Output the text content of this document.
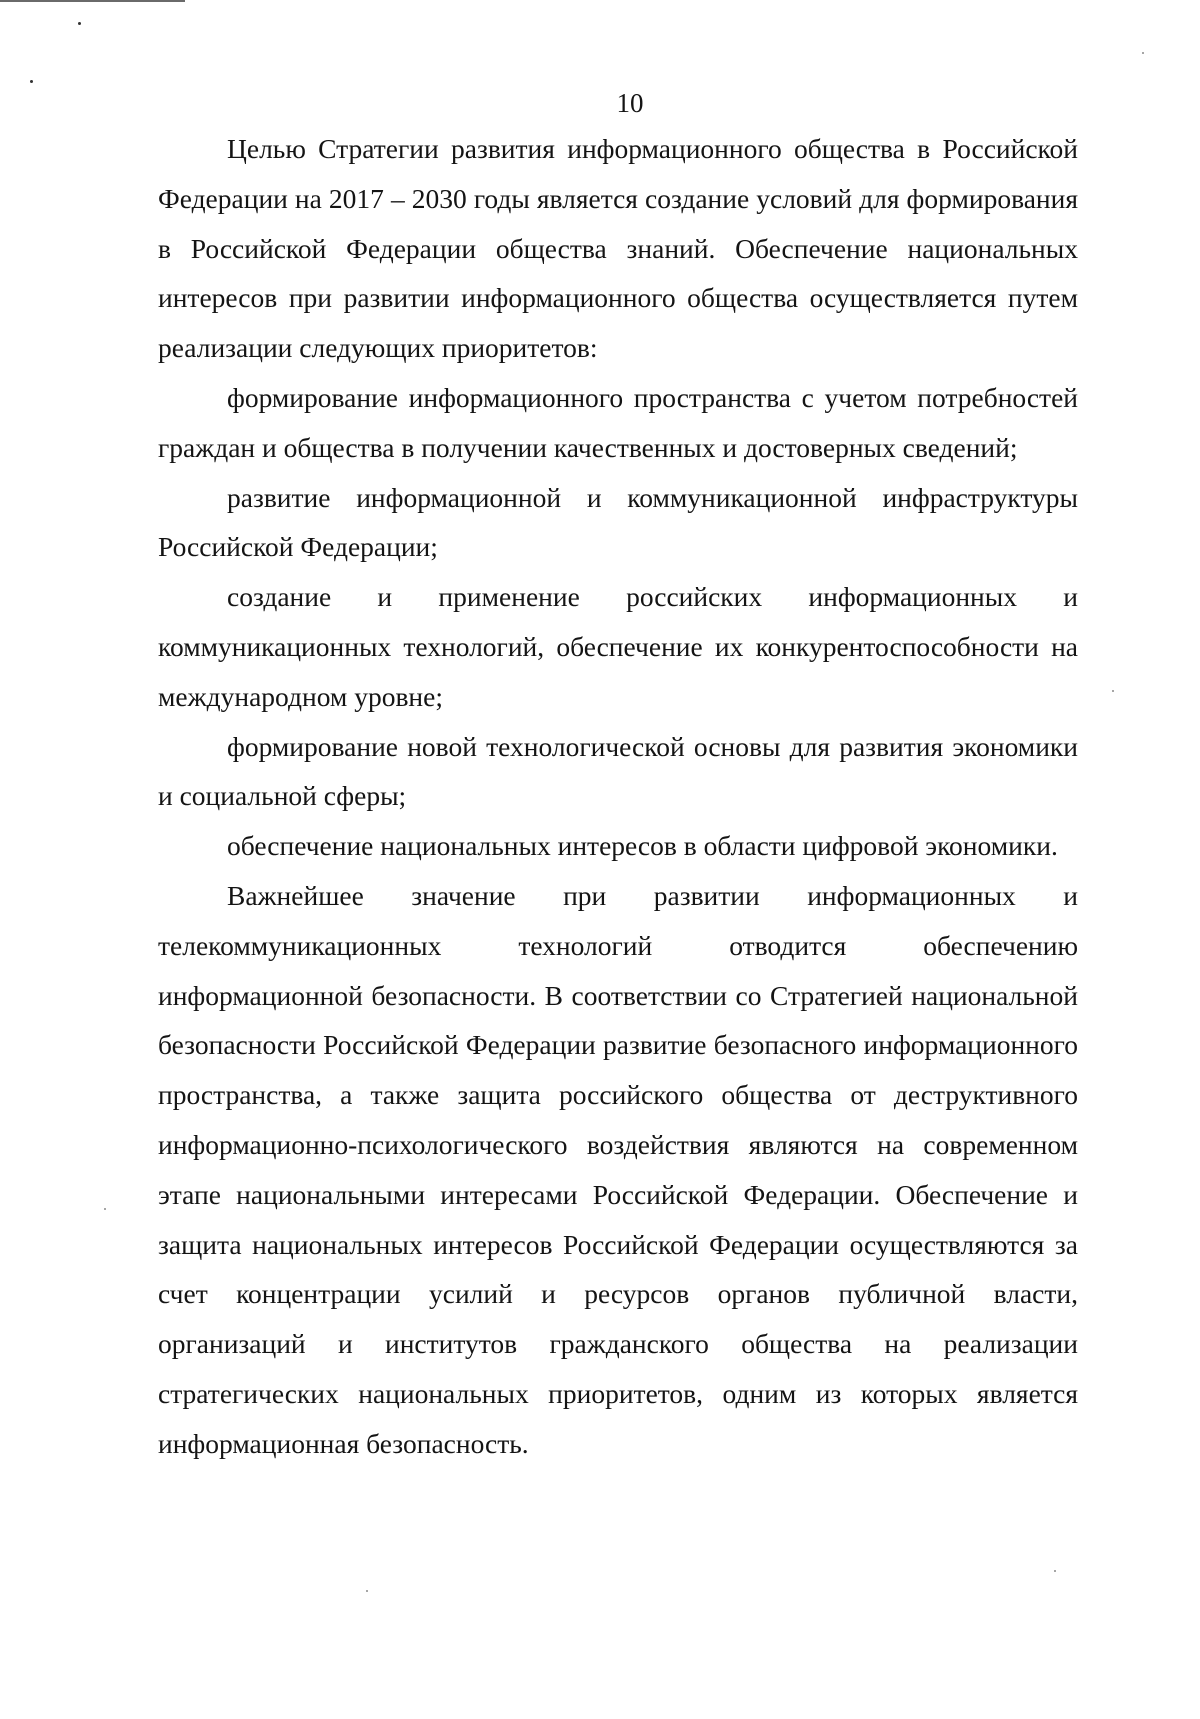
10

Целью Стратегии развития информационного общества в Российской Федерации на 2017 – 2030 годы является создание условий для формирования в Российской Федерации общества знаний. Обеспечение национальных интересов при развитии информационного общества осуществляется путем реализации следующих приоритетов:

формирование информационного пространства с учетом потребностей граждан и общества в получении качественных и достоверных сведений;

развитие информационной и коммуникационной инфраструктуры Российской Федерации;

создание и применение российских информационных и коммуникационных технологий, обеспечение их конкурентоспособности на международном уровне;

формирование новой технологической основы для развития экономики и социальной сферы;

обеспечение национальных интересов в области цифровой экономики.

Важнейшее значение при развитии информационных и телекоммуникационных технологий отводится обеспечению информационной безопасности. В соответствии со Стратегией национальной безопасности Российской Федерации развитие безопасного информационного пространства, а также защита российского общества от деструктивного информационно-психологического воздействия являются на современном этапе национальными интересами Российской Федерации. Обеспечение и защита национальных интересов Российской Федерации осуществляются за счет концентрации усилий и ресурсов органов публичной власти, организаций и институтов гражданского общества на реализации стратегических национальных приоритетов, одним из которых является информационная безопасность.
